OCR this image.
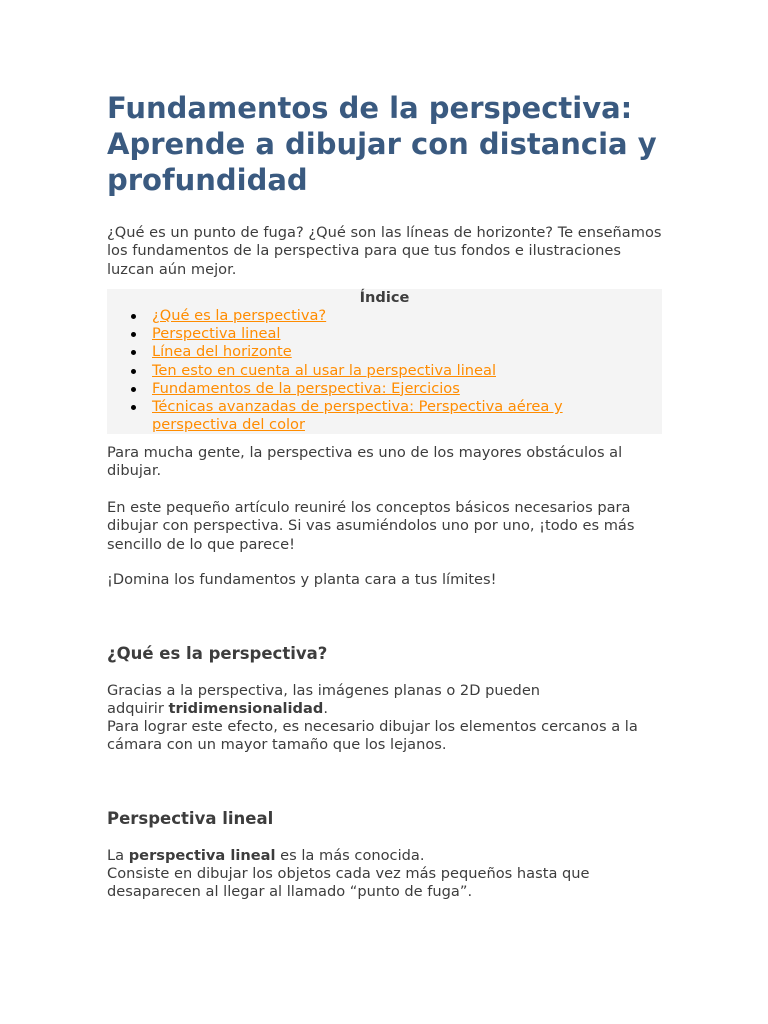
Fundamentos de la perspectiva: Aprende a dibujar con distancia y profundidad

¿Qué es un punto de fuga? ¿Qué son las líneas de horizonte? Te enseñamos los fundamentos de la perspectiva para que tus fondos e ilustraciones luzcan aún mejor.

Índice

¿Qué es la perspectiva?
Perspectiva lineal
Línea del horizonte
Ten esto en cuenta al usar la perspectiva lineal
Fundamentos de la perspectiva: Ejercicios
Técnicas avanzadas de perspectiva: Perspectiva aérea y perspectiva del color

Para mucha gente, la perspectiva es uno de los mayores obstáculos al dibujar.

En este pequeño artículo reuniré los conceptos básicos necesarios para dibujar con perspectiva. Si vas asumiéndolos uno por uno, ¡todo es más sencillo de lo que parece!

¡Domina los fundamentos y planta cara a tus límites!

¿Qué es la perspectiva?

Gracias a la perspectiva, las imágenes planas o 2D pueden adquirir tridimensionalidad.

Para lograr este efecto, es necesario dibujar los elementos cercanos a la cámara con un mayor tamaño que los lejanos.

Perspectiva lineal

La perspectiva lineal es la más conocida.

Consiste en dibujar los objetos cada vez más pequeños hasta que desaparecen al llegar al llamado “punto de fuga”.
